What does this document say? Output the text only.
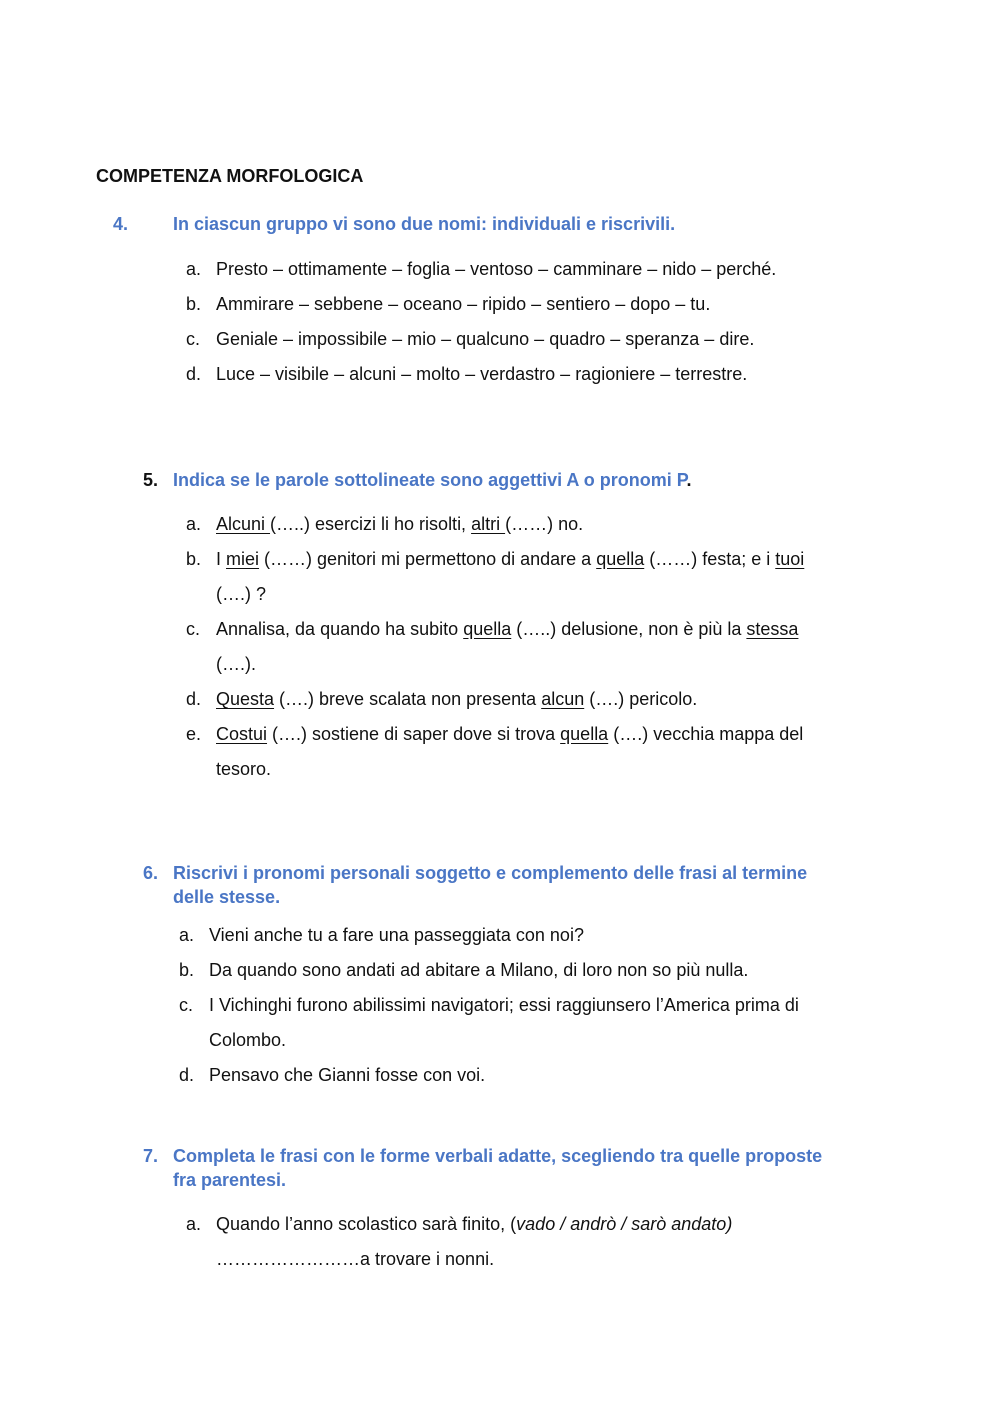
COMPETENZA MORFOLOGICA
4. In ciascun gruppo vi sono due nomi: individuali e riscrivili.
a. Presto – ottimamente – foglia – ventoso – camminare – nido – perché.
b. Ammirare – sebbene – oceano – ripido – sentiero – dopo – tu.
c. Geniale – impossibile – mio – qualcuno – quadro – speranza – dire.
d. Luce – visibile – alcuni – molto – verdastro – ragioniere – terrestre.
5. Indica se le parole sottolineate sono aggettivi A o pronomi P.
a. Alcuni (…..) esercizi li ho risolti, altri (……) no.
b. I miei (……) genitori mi permettono di andare a quella (……) festa; e i tuoi
(….) ?
c. Annalisa, da quando ha subito quella (…..) delusione, non è più la stessa
(….).
d. Questa (….) breve scalata non presenta alcun (….) pericolo.
e. Costui (….) sostiene di saper dove si trova quella (….) vecchia mappa del
tesoro.
6. Riscrivi i pronomi personali soggetto e complemento delle frasi al termine
delle stesse.
a. Vieni anche tu a fare una passeggiata con noi?
b. Da quando sono andati ad abitare a Milano, di loro non so più nulla.
c. I Vichinghi furono abilissimi navigatori; essi raggiunsero l’America prima di
Colombo.
d. Pensavo che Gianni fosse con voi.
7. Completa le frasi con le forme verbali adatte, scegliendo tra quelle proposte
fra parentesi.
a. Quando l’anno scolastico sarà finito, (vado / andrò / sarò andato)
……………………a trovare i nonni.
